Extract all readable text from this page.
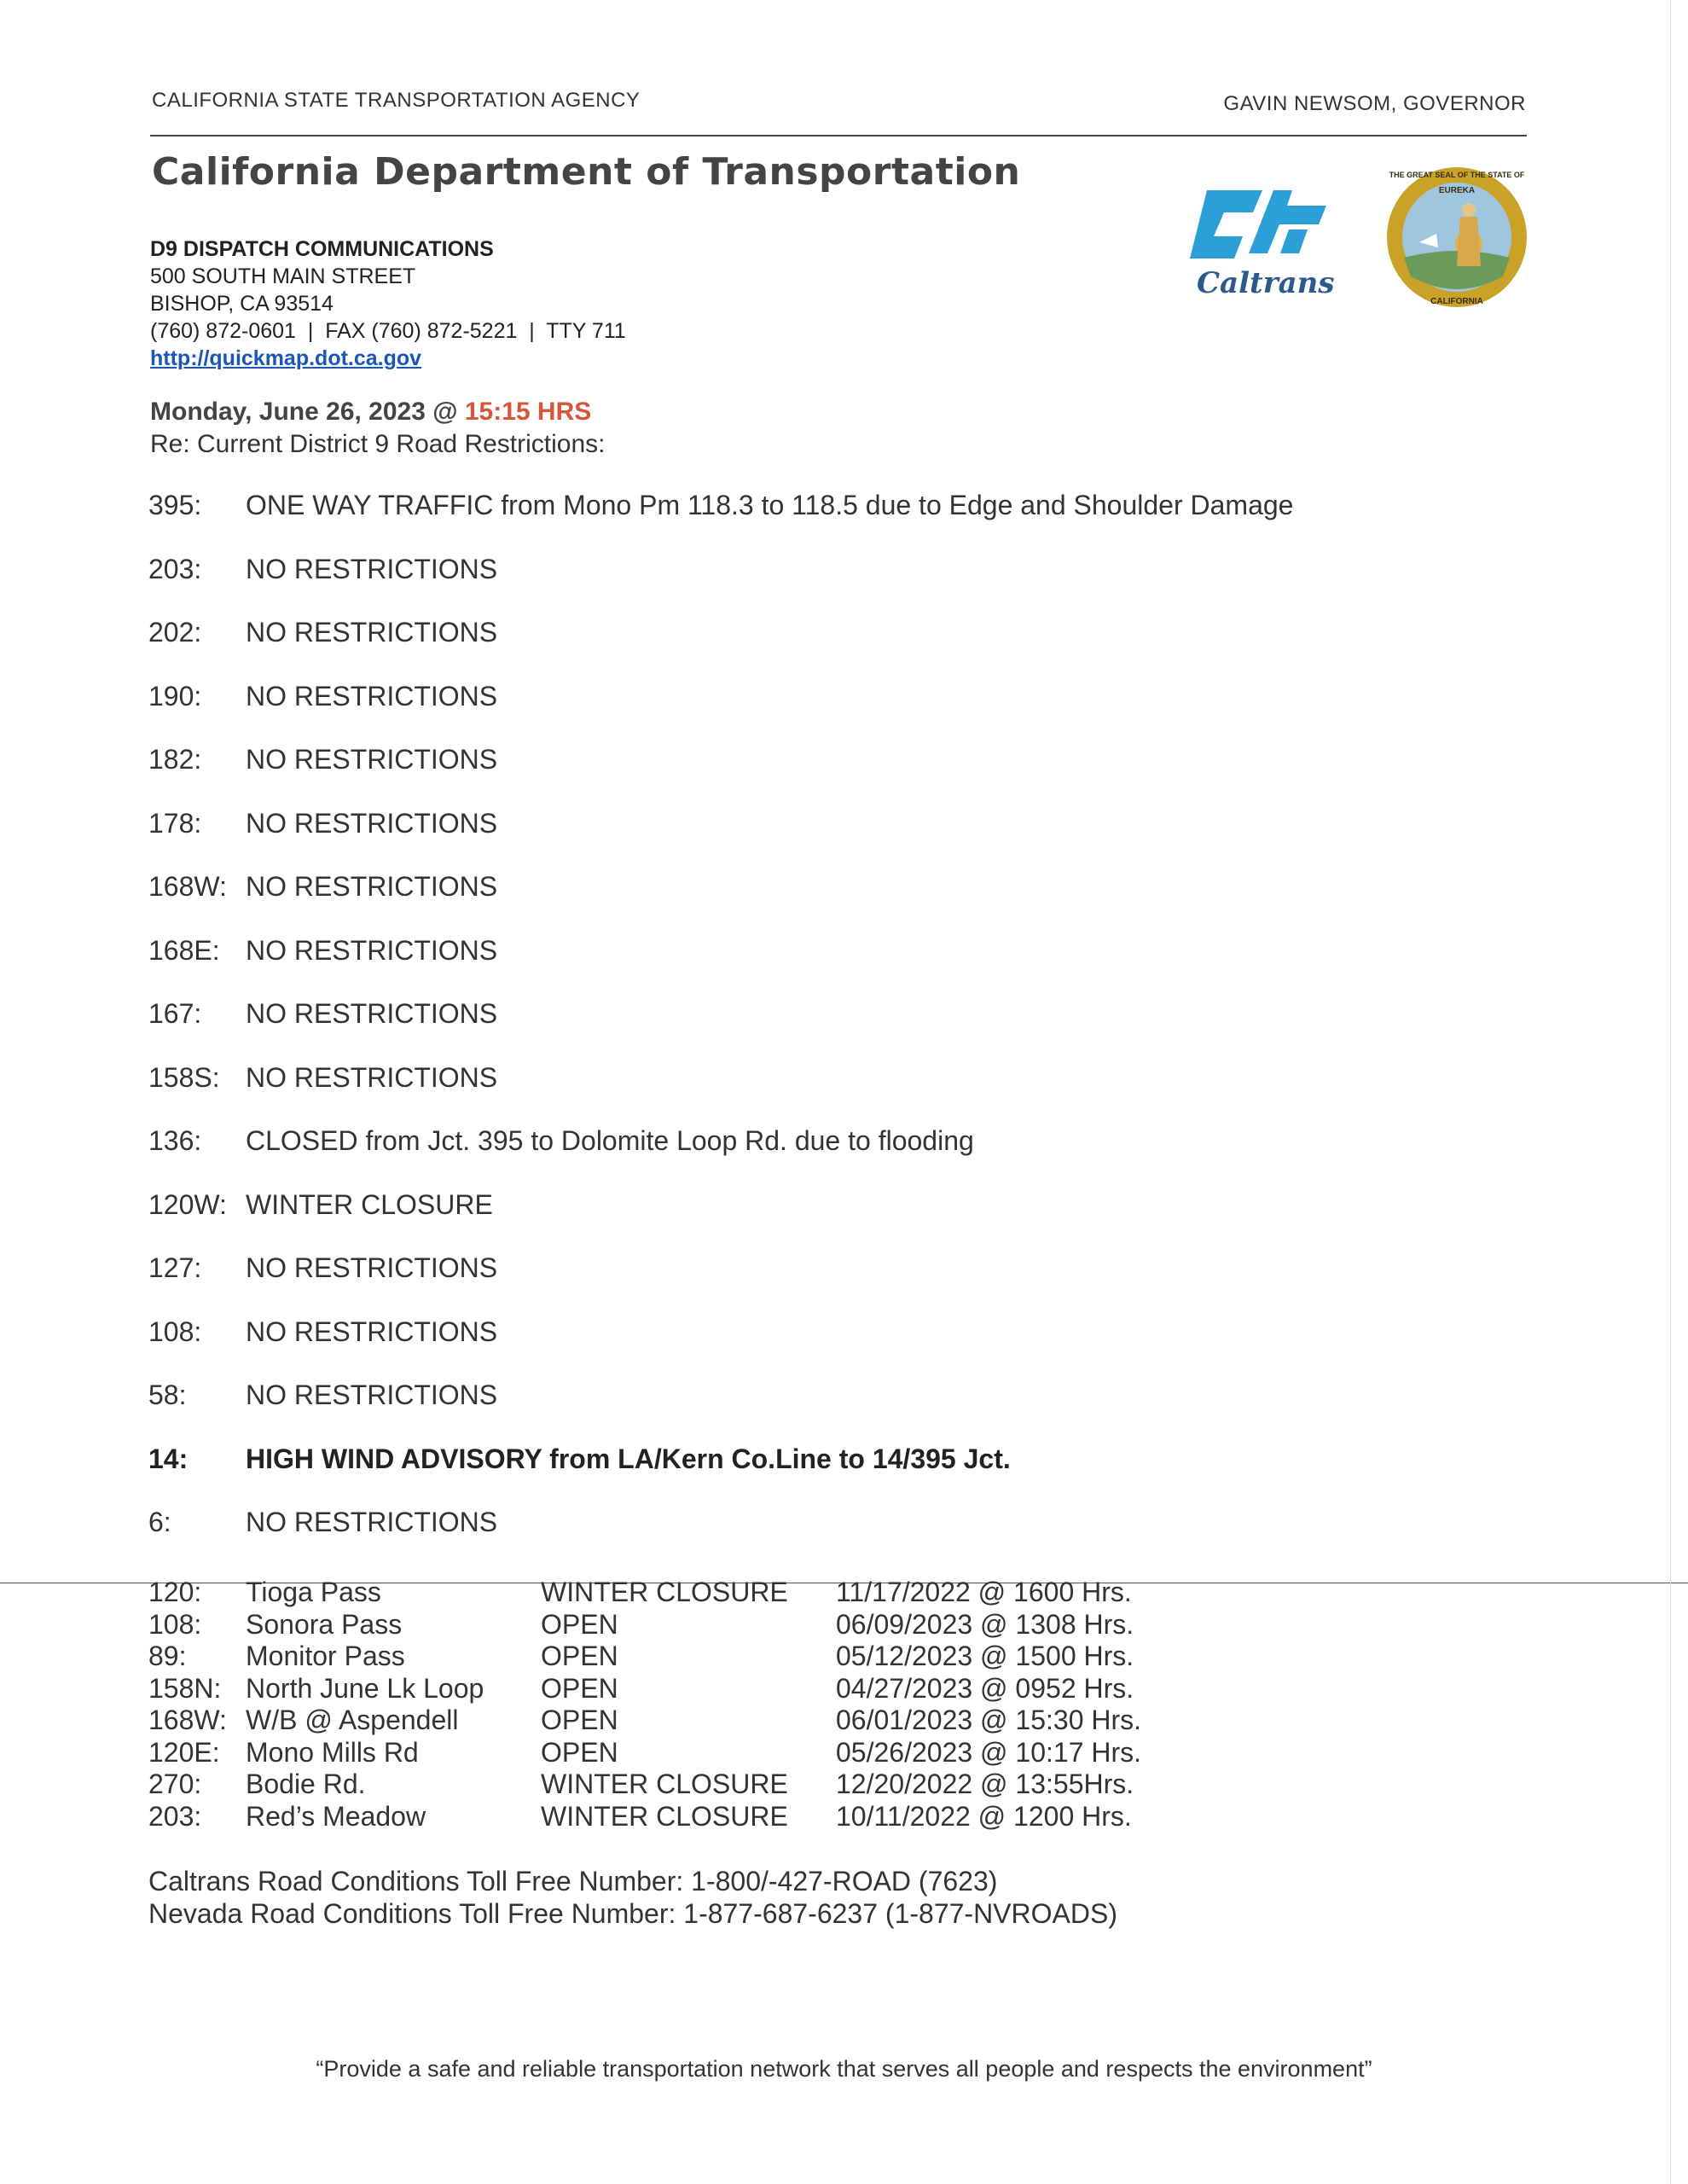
CALIFORNIA STATE TRANSPORTATION AGENCY	GAVIN NEWSOM, GOVERNOR
California Department of Transportation
D9 DISPATCH COMMUNICATIONS
500 SOUTH MAIN STREET
BISHOP, CA 93514
(760) 872-0601  |  FAX (760) 872-5221  |  TTY 711
http://quickmap.dot.ca.gov
Caltrans
EUREKA
THE GREAT SEAL OF THE STATE OF
CALIFORNIA
Monday, June 26, 2023 @ 15:15 HRS
Re: Current District 9 Road Restrictions:
395: ONE WAY TRAFFIC from Mono Pm 118.3 to 118.5 due to Edge and Shoulder Damage
203: NO RESTRICTIONS
202: NO RESTRICTIONS
190: NO RESTRICTIONS
182: NO RESTRICTIONS
178: NO RESTRICTIONS
168W: NO RESTRICTIONS
168E: NO RESTRICTIONS
167: NO RESTRICTIONS
158S: NO RESTRICTIONS
136: CLOSED from Jct. 395 to Dolomite Loop Rd. due to flooding
120W: WINTER CLOSURE
127: NO RESTRICTIONS
108: NO RESTRICTIONS
58: NO RESTRICTIONS
14: HIGH WIND ADVISORY from LA/Kern Co.Line to 14/395 Jct.
6:	NO RESTRICTIONS
120: Tioga Pass	WINTER CLOSURE 11/17/2022 @ 1600 Hrs.
108: Sonora Pass	OPEN	06/09/2023 @ 1308 Hrs.
89: Monitor Pass	OPEN	05/12/2023 @ 1500 Hrs.
158N: North June Lk Loop OPEN	04/27/2023 @ 0952 Hrs.
168W: W/B @ Aspendell	OPEN	06/01/2023 @ 15:30 Hrs.
120E: Mono Mills Rd	OPEN	05/26/2023 @ 10:17 Hrs.
270: Bodie Rd.	WINTER CLOSURE 12/20/2022 @ 13:55Hrs.
203: Red’s Meadow	WINTER CLOSURE 10/11/2022 @ 1200 Hrs.
Caltrans Road Conditions Toll Free Number: 1-800/-427-ROAD (7623)
Nevada Road Conditions Toll Free Number: 1-877-687-6237 (1-877-NVROADS)
“Provide a safe and reliable transportation network that serves all people and respects the environment”
